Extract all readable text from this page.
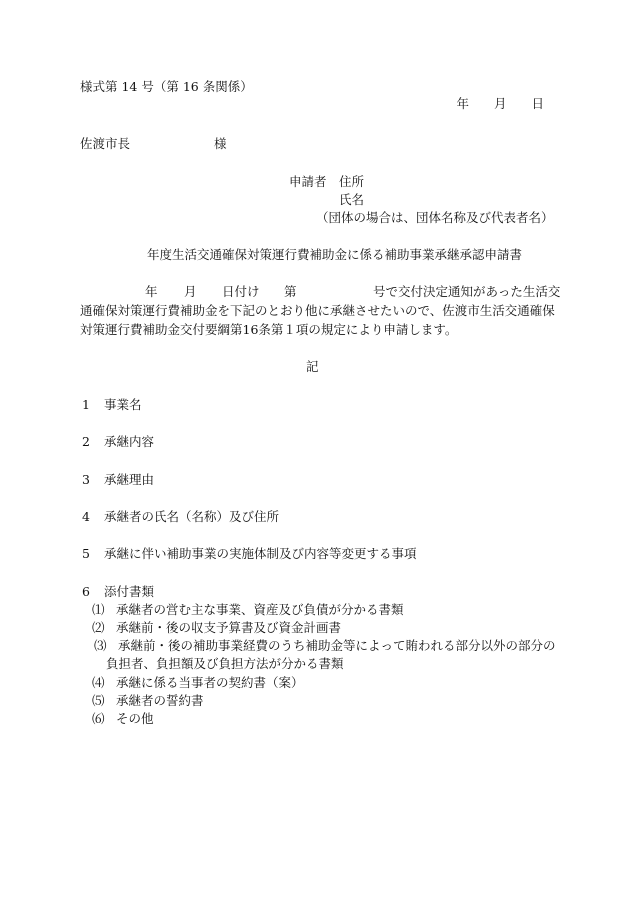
様式第 14 号（第 16 条関係）
年 月 日
佐渡市長	様
申請者 住所
氏名
（団体の場合は、団体名称及び代表者名）
年度生活交通確保対策運行費補助金に係る補助事業承継承認申請書
年 月 日付け 第	号で交付決定通知があった生活交
通確保対策運行費補助金を下記のとおり他に承継させたいので、佐渡市生活交通確保
対策運行費補助金交付要綱第16条第１項の規定により申請します。
記
1 事業名
2 承継内容
3 承継理由
4 承継者の氏名（名称）及び住所
5 承継に伴い補助事業の実施体制及び内容等変更する事項
6 添付書類
⑴ 承継者の営む主な事業、資産及び負債が分かる書類
⑵ 承継前・後の収支予算書及び資金計画書
⑶ 承継前・後の補助事業経費のうち補助金等によって賄われる部分以外の部分の
負担者、負担額及び負担方法が分かる書類
⑷ 承継に係る当事者の契約書（案）
⑸ 承継者の誓約書
⑹ その他
